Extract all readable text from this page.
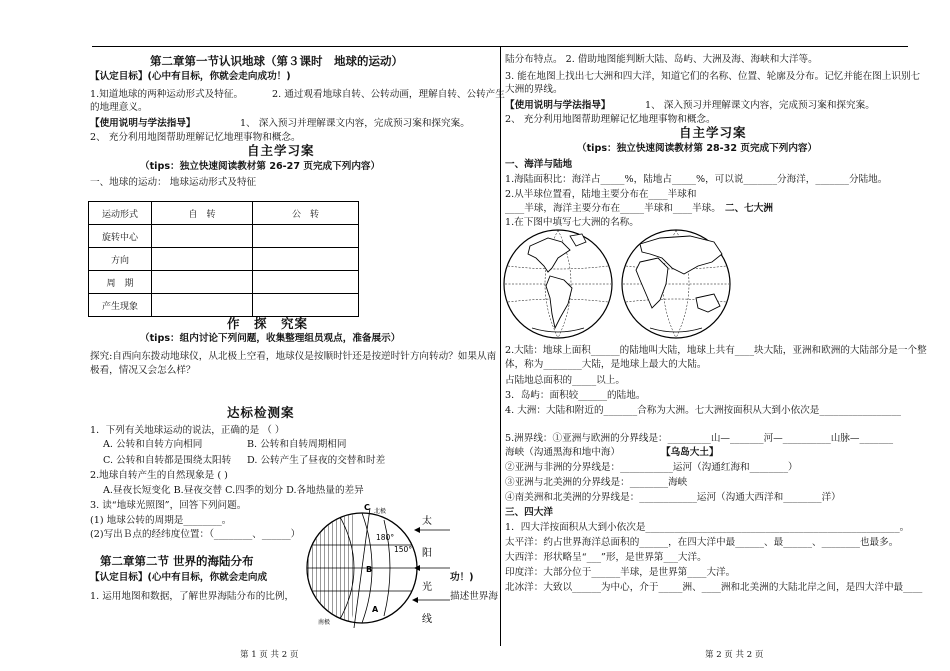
第二章第一节认识地球（第３课时　地球的运动）
【认定目标】(心中有目标，你就会走向成功！)
1.知道地球的两种运动形式及特征。	2. 通过观看地球自转、公转动画，理解自转、公转产生
的地理意义。
【使用说明与学法指导】	1、 深入预习并理解课文内容，完成预习案和探究案。
2、 充分利用地图帮助理解记忆地理事物和概念。
自主学习案
（tips：独立快速阅读教材第 26-27 页完成下列内容）
一、地球的运动： 地球运动形式及特征
运动形式	自　转	公　转
旋转中心		
方向		
周　期		
产生现象		
作　探　究案
（tips：组内讨论下列问题，收集整理组员观点，准备展示）
探究:自西向东拨动地球仪，从北极上空看，地球仪是按顺时针还是按逆时针方向转动？如果从南
极看，情况又会怎么样？
达标检测案
1．下列有关地球运动的说法，正确的是 （ ）
A. 公转和自转方向相同	B. 公转和自转周期相同
C. 公转和自转都是围绕太阳转 D. 公转产生了昼夜的交替和时差
2.地球自转产生的自然现象是 ( )
A.昼夜长短变化 B.昼夜交替 C.四季的划分 D.各地热量的差异
3. 读“地球光照图”，回答下列问题。
(1) 地球公转的周期是________。
(2)写出Ｂ点的经纬度位置：（________、______）
第二章第二节 世界的海陆分布
【认定目标】(心中有目标，你就会走向成	功！)
1. 运用地图和数据，了解世界海陆分布的比例，	描述世界海
北极
南极
180°
150°
C
B
A
太
阳
光
线
第 1 页 共 2 页
陆分布特点。 2. 借助地图能判断大陆、岛屿、大洲及海、海峡和大洋等。
3. 能在地图上找出七大洲和四大洋，知道它们的名称、位置、轮廓及分布。记忆并能在图上识别七
大洲的界线。
【使用说明与学法指导】	1、 深入预习并理解课文内容，完成预习案和探究案。
2、 充分利用地图帮助理解记忆地理事物和概念。
自主学习案
（tips：独立快速阅读教材第 28-32 页完成下列内容）
一、海洋与陆地
1.海陆面积比：海洋占_____%，陆地占_____%，可以说_______分海洋，_______分陆地。
2.从半球位置看，陆地主要分布在____半球和
____半球，海洋主要分布在_____半球和____半球。 二、七大洲
1.在下图中填写七大洲的名称。
2.大陆：地球上面积______的陆地叫大陆，地球上共有____块大陆，亚洲和欧洲的大陆部分是一个整
体，称为________大陆，是地球上最大的大陆。
占陆地总面积的_____以上。
3．岛屿：面积较______的陆地。
4. 大洲：大陆和附近的_______合称为大洲。七大洲按面积从大到小依次是_________________
5.洲界线：①亚洲与欧洲的分界线是：_________山—_______河—__________山脉—_______
海峡（沟通黑海和地中海）	【乌岛大土】
②亚洲与非洲的分界线是：___________运河（沟通红海和________）
③亚洲与北美洲的分界线是：________海峡
④南美洲和北美洲的分界线是：____________运河（沟通大西洋和________洋）
三、四大洋
1．四大洋按面积从大到小依次是_____________________________________________________。
太平洋：约占世界海洋总面积的______，在四大洋中最______、最______、________也最多。
大西洋：形状略呈“___”形，是世界第___大洋。
印度洋：大部分位于______半球，是世界第____大洋。
北冰洋：大致以______为中心，介于_____洲、____洲和北美洲的大陆北岸之间，是四大洋中最____
第 2 页 共 2 页
